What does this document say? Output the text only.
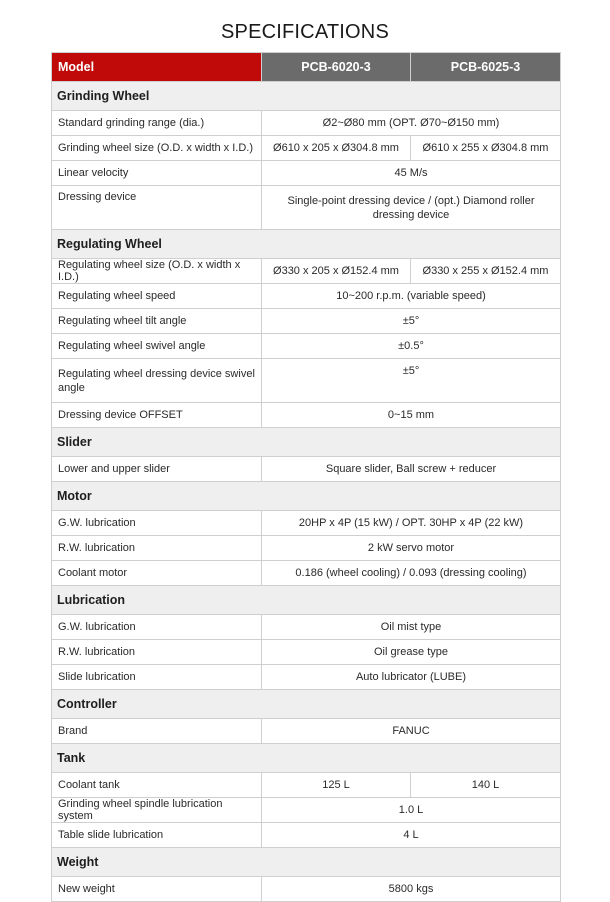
SPECIFICATIONS
Model	PCB-6020-3	PCB-6025-3
Grinding Wheel		
Standard grinding range (dia.)	Ø2~Ø80 mm (OPT. Ø70~Ø150 mm)	
Grinding wheel size (O.D. x width x I.D.)	Ø610 x 205 x Ø304.8 mm	Ø610 x 255 x Ø304.8 mm
Linear velocity	45 M/s	
Dressing device	Single-point dressing device / (opt.) Diamond roller dressing device	
Regulating Wheel		
Regulating wheel size (O.D. x width x I.D.)	Ø330 x 205 x Ø152.4 mm	Ø330 x 255 x Ø152.4 mm
Regulating wheel speed	10~200 r.p.m. (variable speed)	
Regulating wheel tilt angle	±5°	
Regulating wheel swivel angle	±0.5°	
Regulating wheel dressing device swivel angle	±5°	
Dressing device OFFSET	0~15 mm	
Slider		
Lower and upper slider	Square slider, Ball screw + reducer	
Motor		
G.W. lubrication	20HP x 4P (15 kW) / OPT. 30HP x 4P (22 kW)	
R.W. lubrication	2 kW servo motor	
Coolant motor	0.186 (wheel cooling) / 0.093 (dressing cooling)	
Lubrication		
G.W. lubrication	Oil mist type	
R.W. lubrication	Oil grease type	
Slide lubrication	Auto lubricator (LUBE)	
Controller		
Brand	FANUC	
Tank		
Coolant tank	125 L	140 L
Grinding wheel spindle lubrication system	1.0 L	
Table slide lubrication	4 L	
Weight		
New weight	5800 kgs	
